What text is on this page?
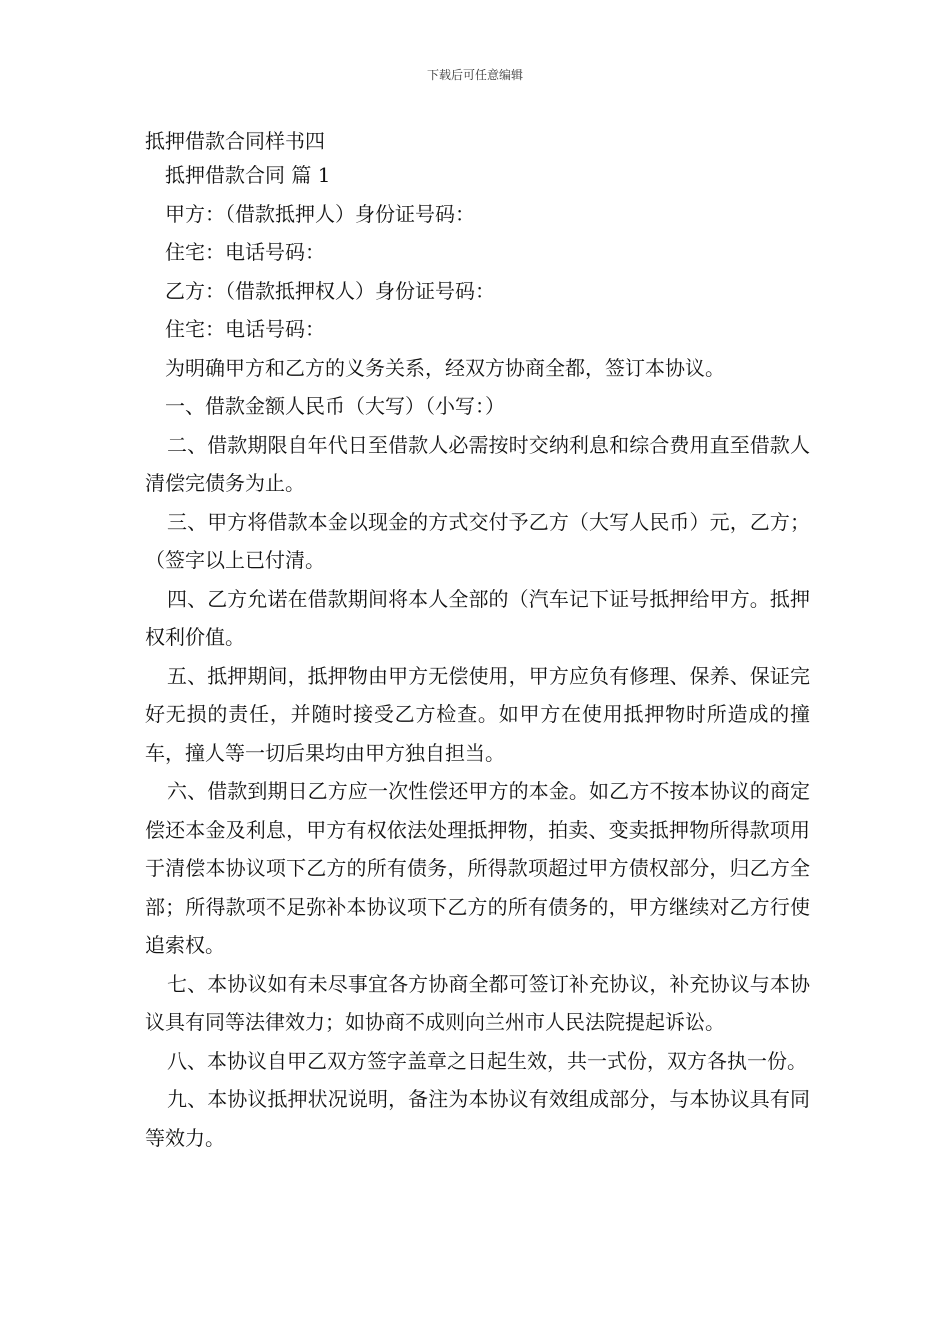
下载后可任意编辑
抵押借款合同样书四

抵押借款合同 篇 1

甲方：（借款抵押人）身份证号码：

住宅：电话号码：

乙方：（借款抵押权人）身份证号码：

住宅：电话号码：

为明确甲方和乙方的义务关系，经双方协商全都，签订本协议。

一、借款金额人民币（大写）（小写：）

二、借款期限自年代日至借款人必需按时交纳利息和综合费用直至借款人清偿完债务为止。

三、甲方将借款本金以现金的方式交付予乙方（大写人民币）元，乙方；（签字以上已付清。

四、乙方允诺在借款期间将本人全部的（汽车记下证号抵押给甲方。抵押权利价值。

五、抵押期间，抵押物由甲方无偿使用，甲方应负有修理、保养、保证完好无损的责任，并随时接受乙方检查。如甲方在使用抵押物时所造成的撞车，撞人等一切后果均由甲方独自担当。

六、借款到期日乙方应一次性偿还甲方的本金。如乙方不按本协议的商定偿还本金及利息，甲方有权依法处理抵押物，拍卖、变卖抵押物所得款项用于清偿本协议项下乙方的所有债务，所得款项超过甲方债权部分，归乙方全部；所得款项不足弥补本协议项下乙方的所有债务的，甲方继续对乙方行使追索权。

七、本协议如有未尽事宜各方协商全都可签订补充协议，补充协议与本协议具有同等法律效力；如协商不成则向兰州市人民法院提起诉讼。

八、本协议自甲乙双方签字盖章之日起生效，共一式份，双方各执一份。

九、本协议抵押状况说明，备注为本协议有效组成部分，与本协议具有同等效力。
